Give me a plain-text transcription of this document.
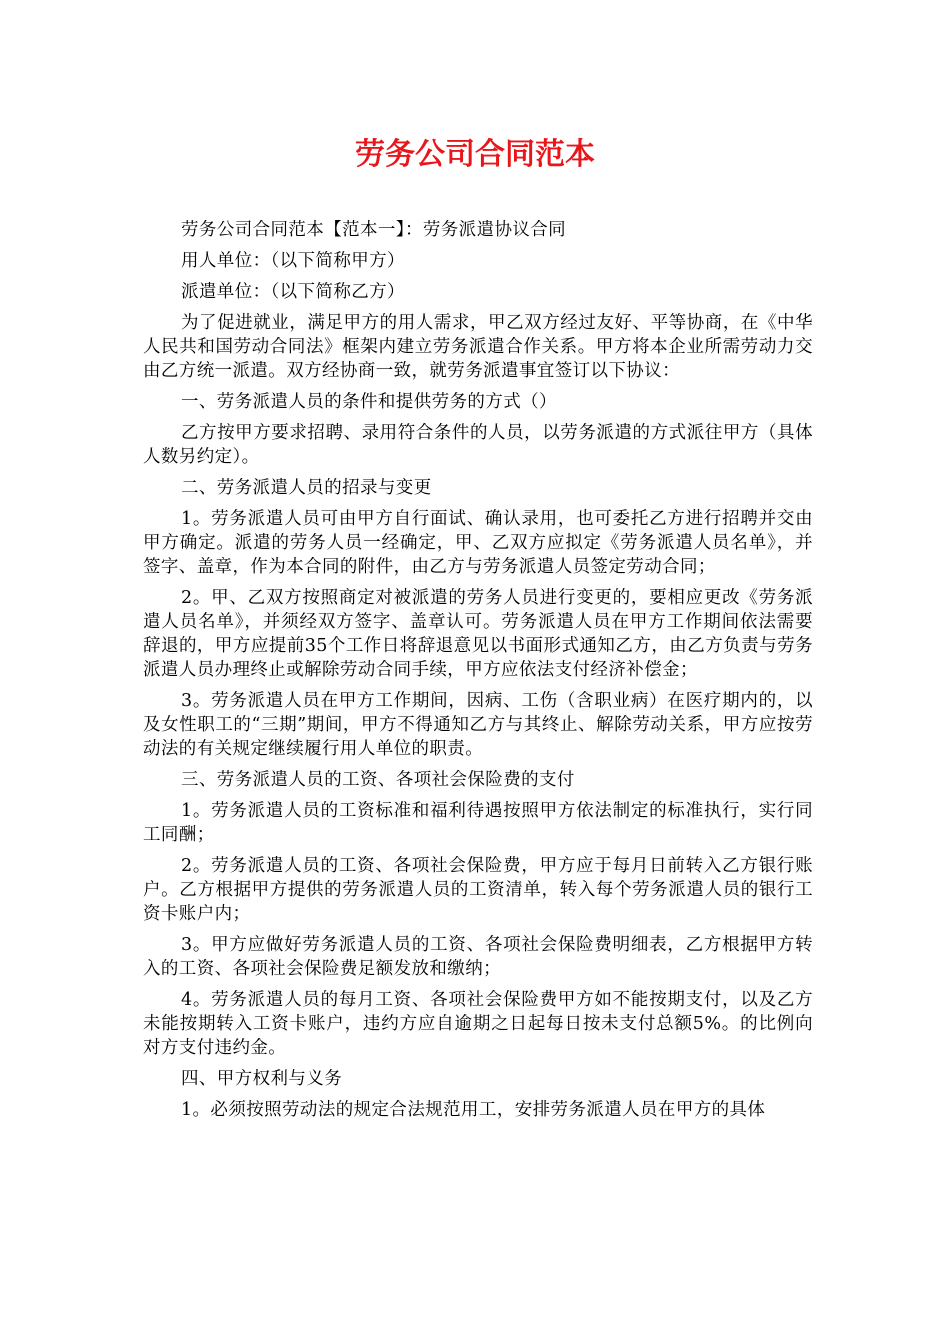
劳务公司合同范本

劳务公司合同范本【范本一】：劳务派遣协议合同

用人单位：（以下简称甲方）

派遣单位：（以下简称乙方）

为了促进就业，满足甲方的用人需求，甲乙双方经过友好、平等协商，在《中华人民共和国劳动合同法》框架内建立劳务派遣合作关系。甲方将本企业所需劳动力交由乙方统一派遣。双方经协商一致，就劳务派遣事宜签订以下协议：

一、劳务派遣人员的条件和提供劳务的方式（）

乙方按甲方要求招聘、录用符合条件的人员，以劳务派遣的方式派往甲方（具体人数另约定）。

二、劳务派遣人员的招录与变更

1。劳务派遣人员可由甲方自行面试、确认录用，也可委托乙方进行招聘并交由甲方确定。派遣的劳务人员一经确定，甲、乙双方应拟定《劳务派遣人员名单》，并签字、盖章，作为本合同的附件，由乙方与劳务派遣人员签定劳动合同；

2。甲、乙双方按照商定对被派遣的劳务人员进行变更的，要相应更改《劳务派遣人员名单》，并须经双方签字、盖章认可。劳务派遣人员在甲方工作期间依法需要辞退的，甲方应提前35个工作日将辞退意见以书面形式通知乙方，由乙方负责与劳务派遣人员办理终止或解除劳动合同手续，甲方应依法支付经济补偿金；

3。劳务派遣人员在甲方工作期间，因病、工伤（含职业病）在医疗期内的，以及女性职工的“三期”期间，甲方不得通知乙方与其终止、解除劳动关系，甲方应按劳动法的有关规定继续履行用人单位的职责。

三、劳务派遣人员的工资、各项社会保险费的支付

1。劳务派遣人员的工资标准和福利待遇按照甲方依法制定的标准执行，实行同工同酬；

2。劳务派遣人员的工资、各项社会保险费，甲方应于每月日前转入乙方银行账户。乙方根据甲方提供的劳务派遣人员的工资清单，转入每个劳务派遣人员的银行工资卡账户内；

3。甲方应做好劳务派遣人员的工资、各项社会保险费明细表，乙方根据甲方转入的工资、各项社会保险费足额发放和缴纳；

4。劳务派遣人员的每月工资、各项社会保险费甲方如不能按期支付，以及乙方未能按期转入工资卡账户，违约方应自逾期之日起每日按未支付总额5%。的比例向对方支付违约金。

四、甲方权利与义务

1。必须按照劳动法的规定合法规范用工，安排劳务派遣人员在甲方的具体
